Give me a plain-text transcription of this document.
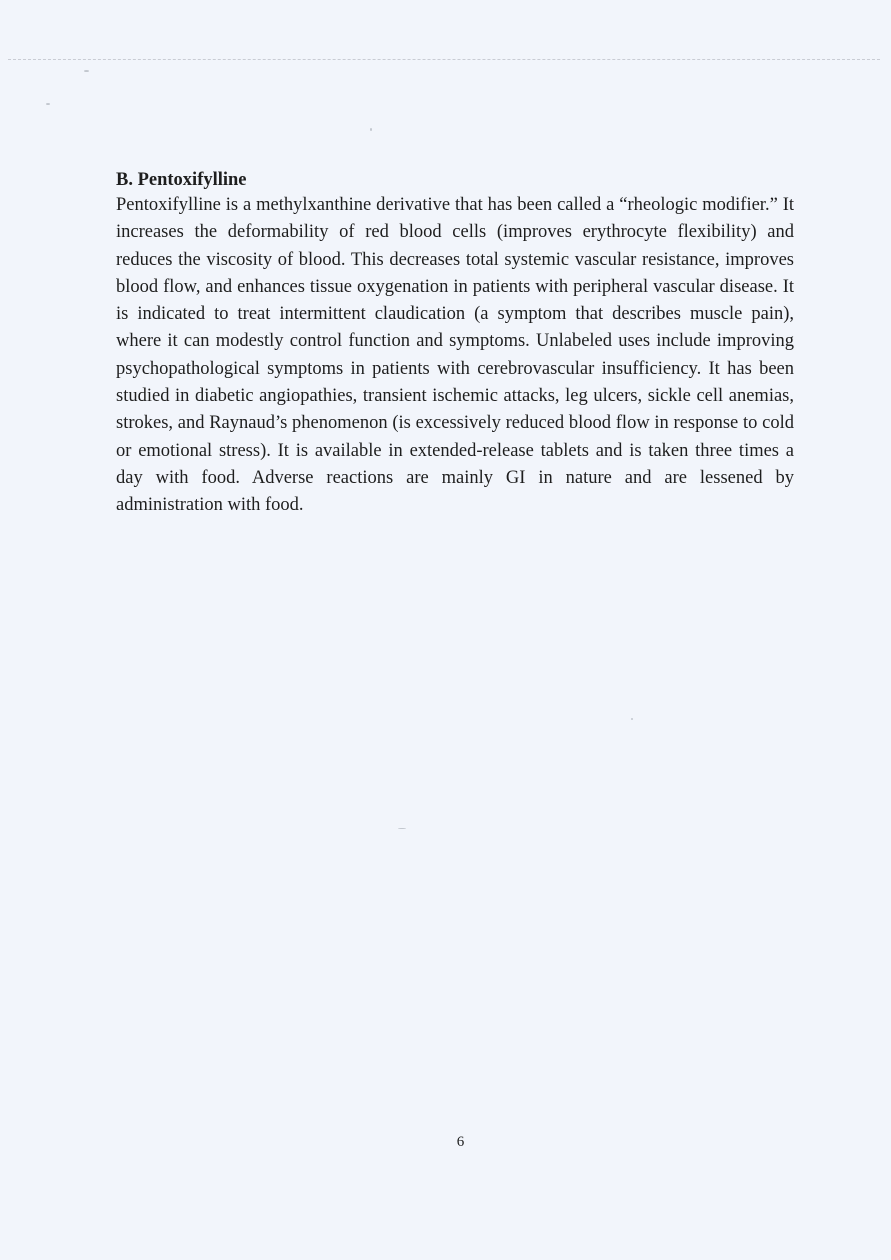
B. Pentoxifylline

Pentoxifylline is a methylxanthine derivative that has been called a “rheologic modifier.” It increases the deformability of red blood cells (improves erythrocyte flexibility) and reduces the viscosity of blood. This decreases total systemic vascular resistance, improves blood flow, and enhances tissue oxygenation in patients with peripheral vascular disease. It is indicated to treat intermittent claudication (a symptom that describes muscle pain), where it can modestly control function and symptoms. Unlabeled uses include improving psychopathological symptoms in patients with cerebrovascular insufficiency. It has been studied in diabetic angiopathies, transient ischemic attacks, leg ulcers, sickle cell anemias, strokes, and Raynaud’s phenomenon (is excessively reduced blood flow in response to cold or emotional stress). It is available in extended-release tablets and is taken three times a day with food. Adverse reactions are mainly GI in nature and are lessened by administration with food.

6
